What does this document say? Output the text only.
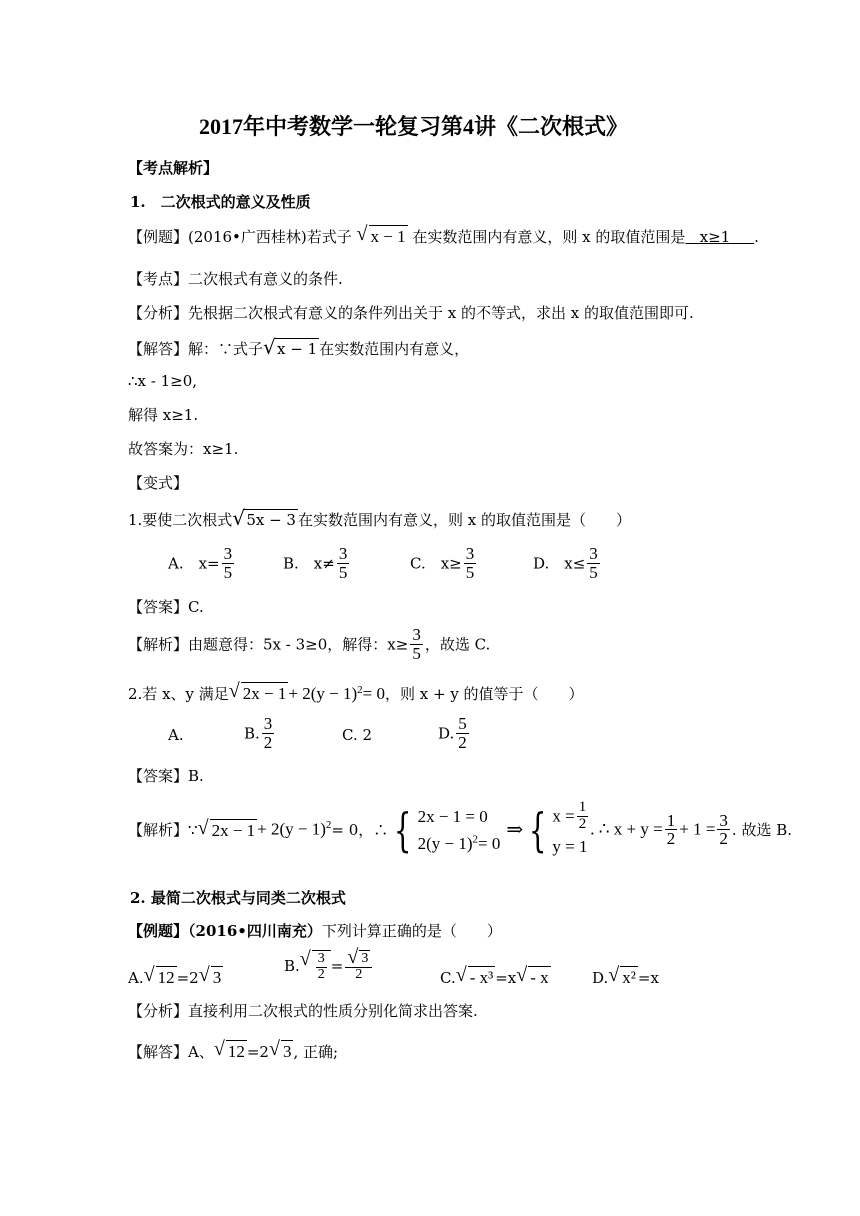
2017年中考数学一轮复习第4讲《二次根式》
【考点解析】
1.　二次根式的意义及性质
【例题】(2016•广西桂林)若式子 √ x − 1 在实数范围内有意义，则 x 的取值范围是 x≥1 .
【考点】二次根式有意义的条件.
【分析】先根据二次根式有意义的条件列出关于 x 的不等式，求出 x 的取值范围即可.
【解答】解：∵式子 √ x − 1 在实数范围内有意义，
∴x - 1≥0,
解得 x≥1.
故答案为：x≥1.
【变式】
1.要使二次根式 √ 5x − 3 在实数范围内有意义，则 x 的取值范围是（　　）
A.　$x= \frac{3}{5}$	B.　$x\ne \frac{3}{5}$	C.　$x\ge \frac{3}{5}$	D.　$x\le \frac{3}{5}$
【答案】C.
【解析】由题意得：5x - 3≥0，解得：$x\ge \frac{3}{5}$ ，故选 C.
2.若 x、y 满足 √ $2x - 1 + 2(y - 1)^2= 0$，则 x + y 的值等于（　　）
A.	B. $\frac{3}{2}$	C. 2	D. $\frac{5}{2}$
【答案】B.
【解析】∵ √ $2x - 1 + 2(y - 1)^2= 0$，∴ { 2x − 1 = 0
$2(y - 1)^2= 0$
⇒ { $x = \frac{1}{2}$
y = 1
. ∴ $x + y = \frac{1}{2} + 1 = \frac{3}{2}$ . 故选 B.
2. 最简二次根式与同类二次根式
【例题】（2016•四川南充）下列计算正确的是（　　）
A. √ 12 =2 √ 3
B. √ $\frac{3}{2}$ = √ $\frac{3}{2}$	C. √ - x³ =x √ - x	D. √ x² =x
【分析】直接利用二次根式的性质分别化简求出答案.
【解答】A、 √ 12 =2 √ 3 , 正确;
